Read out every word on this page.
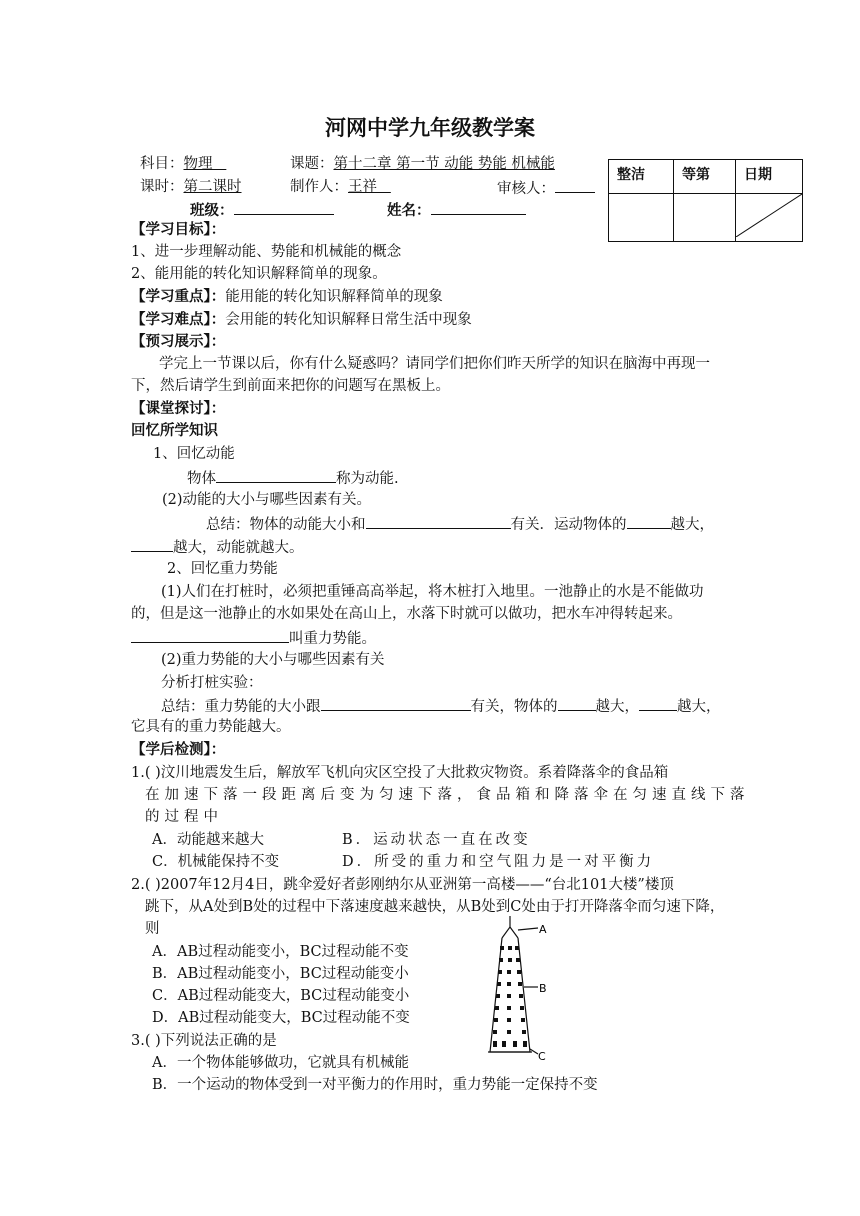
河网中学九年级教学案
科目：物理	课题：第十二章 第一节 动能 势能 机械能
课时：第二课时	制作人：王祥	审核人：
班级：	姓名：
整洁	等第	日期

【学习目标】：
1、进一步理解动能、势能和机械能的概念
2、能用能的转化知识解释简单的现象。
【学习重点】：能用能的转化知识解释简单的现象
【学习难点】：会用能的转化知识解释日常生活中现象
【预习展示】：
学完上一节课以后，你有什么疑惑吗？请同学们把你们昨天所学的知识在脑海中再现一下，然后请学生到前面来把你的问题写在黑板上。
【课堂探讨】：
回忆所学知识
1、回忆动能
物体	称为动能.
(2)动能的大小与哪些因素有关。
总结：物体的动能大小和	有关．运动物体的	越大，
越大，动能就越大。
2、回忆重力势能
(1)人们在打桩时，必须把重锤高高举起，将木桩打入地里。一池静止的水是不能做功的，但是这一池静止的水如果处在高山上，水落下时就可以做功，把水车冲得转起来。
叫重力势能。
(2)重力势能的大小与哪些因素有关
分析打桩实验：
总结：重力势能的大小跟	有关，物体的	越大，	越大，
它具有的重力势能越大。
【学后检测】：
1.( )汶川地震发生后，解放军飞机向灾区空投了大批救灾物资。系着降落伞的食品箱
在加速下落一段距离后变为匀速下落，食品箱和降落伞在匀速直线下落
的过程中
A．动能越来越大	B．运动状态一直在改变
C．机械能保持不变	D．所受的重力和空气阻力是一对平衡力
2.( )2007年12月4日，跳伞爱好者彭刚纳尔从亚洲第一高楼——“台北101大楼”楼顶
跳下，从A处到B处的过程中下落速度越来越快，从B处到C处由于打开降落伞而匀速下降，
则
A．AB过程动能变小，BC过程动能不变
B．AB过程动能变小，BC过程动能变小
C．AB过程动能变大，BC过程动能变小
D．AB过程动能变大，BC过程动能不变
A
B
C
3.( )下列说法正确的是
A．一个物体能够做功，它就具有机械能
B．一个运动的物体受到一对平衡力的作用时，重力势能一定保持不变
